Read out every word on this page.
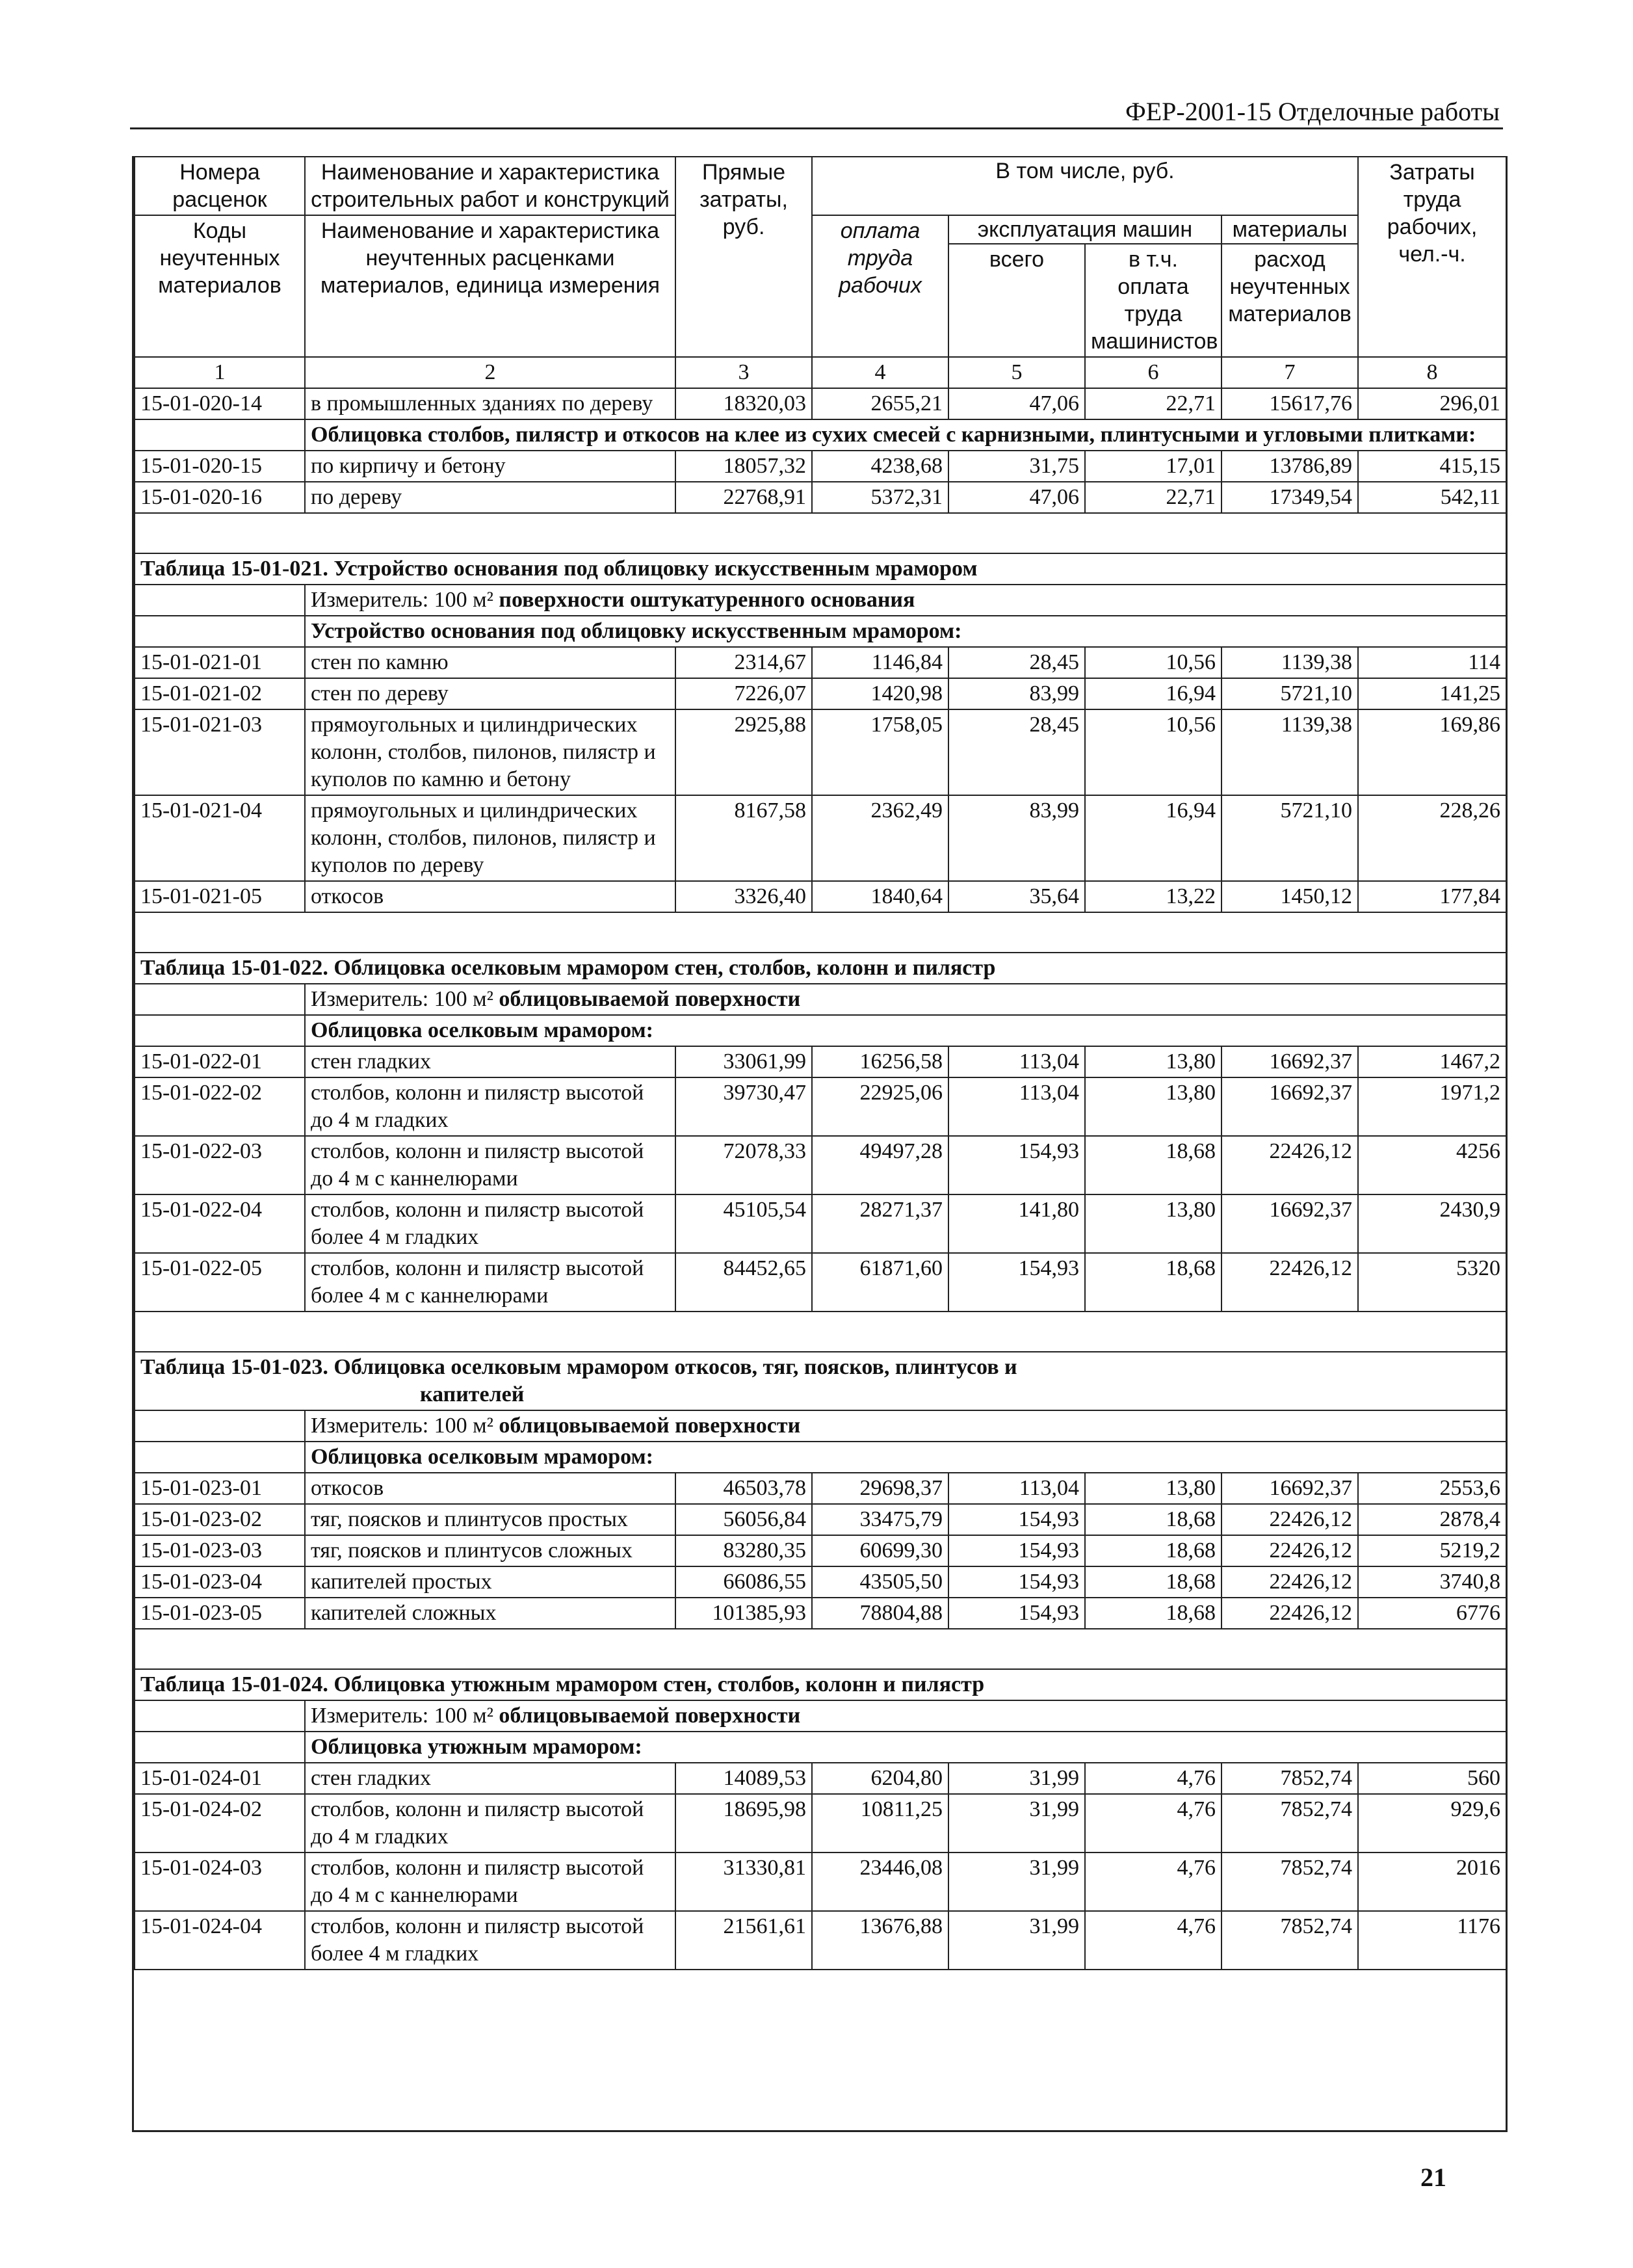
ФЕР-2001-15 Отделочные работы
Номера расценок	Наименование и характеристика строительных работ и конструкций	Прямые затраты, руб.	В том числе, руб.				Затраты труда рабочих, чел.-ч.
Коды неучтенных материалов	Наименование и характеристика неучтенных расценками материалов, единица измерения		оплата труда рабочих	эксплуатация машин		материалы	
				всего	в т.ч. оплата труда машинистов	расход неучтенных материалов	

1	2	3	4	5	6	7	8
15-01-020-14	в промышленных зданиях по дереву	18320,03	2655,21	47,06	22,71	15617,76	296,01
	Облицовка столбов, пилястр и откосов на клее из сухих смесей с карнизными, плинтусными и угловыми плитками:						
15-01-020-15	по кирпичу и бетону	18057,32	4238,68	31,75	17,01	13786,89	415,15
15-01-020-16	по дереву	22768,91	5372,31	47,06	22,71	17349,54	542,11

Таблица 15-01-021. Устройство основания под облицовку искусственным мрамором							

	Измеритель: 100 м² поверхности оштукатуренного основания						
	Устройство основания под облицовку искусственным мрамором:						
15-01-021-01	стен по камню	2314,67	1146,84	28,45	10,56	1139,38	114
15-01-021-02	стен по дереву	7226,07	1420,98	83,99	16,94	5721,10	141,25
15-01-021-03	прямоугольных и цилиндрических колонн, столбов, пилонов, пилястр и куполов по камню и бетону	2925,88	1758,05	28,45	10,56	1139,38	169,86
15-01-021-04	прямоугольных и цилиндрических колонн, столбов, пилонов, пилястр и куполов по дереву	8167,58	2362,49	83,99	16,94	5721,10	228,26
15-01-021-05	откосов	3326,40	1840,64	35,64	13,22	1450,12	177,84

Таблица 15-01-022. Облицовка оселковым мрамором стен, столбов, колонн и пилястр							

	Измеритель: 100 м² облицовываемой поверхности						
	Облицовка оселковым мрамором:						
15-01-022-01	стен гладких	33061,99	16256,58	113,04	13,80	16692,37	1467,2
15-01-022-02	столбов, колонн и пилястр высотой до 4 м гладких	39730,47	22925,06	113,04	13,80	16692,37	1971,2
15-01-022-03	столбов, колонн и пилястр высотой до 4 м с каннелюрами	72078,33	49497,28	154,93	18,68	22426,12	4256
15-01-022-04	столбов, колонн и пилястр высотой более 4 м гладких	45105,54	28271,37	141,80	13,80	16692,37	2430,9
15-01-022-05	столбов, колонн и пилястр высотой более 4 м с каннелюрами	84452,65	61871,60	154,93	18,68	22426,12	5320

Таблица 15-01-023. Облицовка оселковым мрамором откосов, тяг, поясков, плинтусов и
капителей							

	Измеритель: 100 м² облицовываемой поверхности						
	Облицовка оселковым мрамором:						
15-01-023-01	откосов	46503,78	29698,37	113,04	13,80	16692,37	2553,6
15-01-023-02	тяг, поясков и плинтусов простых	56056,84	33475,79	154,93	18,68	22426,12	2878,4
15-01-023-03	тяг, поясков и плинтусов сложных	83280,35	60699,30	154,93	18,68	22426,12	5219,2
15-01-023-04	капителей простых	66086,55	43505,50	154,93	18,68	22426,12	3740,8
15-01-023-05	капителей сложных	101385,93	78804,88	154,93	18,68	22426,12	6776

Таблица 15-01-024. Облицовка утюжным мрамором стен, столбов, колонн и пилястр							

	Измеритель: 100 м² облицовываемой поверхности						
	Облицовка утюжным мрамором:						
15-01-024-01	стен гладких	14089,53	6204,80	31,99	4,76	7852,74	560
15-01-024-02	столбов, колонн и пилястр высотой до 4 м гладких	18695,98	10811,25	31,99	4,76	7852,74	929,6
15-01-024-03	столбов, колонн и пилястр высотой до 4 м с каннелюрами	31330,81	23446,08	31,99	4,76	7852,74	2016
15-01-024-04	столбов, колонн и пилястр высотой более 4 м гладких	21561,61	13676,88	31,99	4,76	7852,74	1176
21
